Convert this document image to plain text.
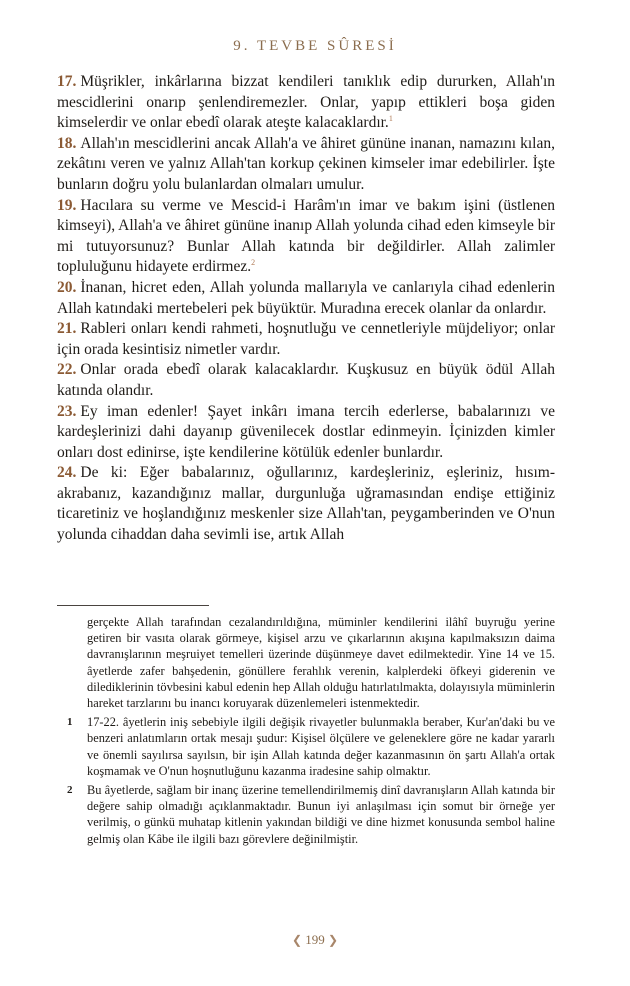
9. TEVBE SÛRESİ

17. Müşrikler, inkârlarına bizzat kendileri tanıklık edip dururken, Allah'ın mescidlerini onarıp şenlendiremezler. Onlar, yapıp ettikleri boşa giden kimselerdir ve onlar ebedî olarak ateşte kalacaklardır.$^1$

18. Allah'ın mescidlerini ancak Allah'a ve âhiret gününe inanan, namazını kılan, zekâtını veren ve yalnız Allah'tan korkup çekinen kimseler imar edebilirler. İşte bunların doğru yolu bulanlardan olmaları umulur.

19. Hacılara su verme ve Mescid-i Harâm'ın imar ve bakım işini (üstlenen kimseyi), Allah'a ve âhiret gününe inanıp Allah yolunda cihad eden kimseyle bir mi tutuyorsunuz? Bunlar Allah katında bir değildirler. Allah zalimler topluluğunu hidayete erdirmez.$^2$

20. İnanan, hicret eden, Allah yolunda mallarıyla ve canlarıyla cihad edenlerin Allah katındaki mertebeleri pek büyüktür. Muradına erecek olanlar da onlardır.

21. Rableri onları kendi rahmeti, hoşnutluğu ve cennetleriyle müjdeliyor; onlar için orada kesintisiz nimetler vardır.

22. Onlar orada ebedî olarak kalacaklardır. Kuşkusuz en büyük ödül Allah katında olandır.

23. Ey iman edenler! Şayet inkârı imana tercih ederlerse, babalarınızı ve kardeşlerinizi dahi dayanıp güvenilecek dostlar edinmeyin. İçinizden kimler onları dost edinirse, işte kendilerine kötülük edenler bunlardır.

24. De ki: Eğer babalarınız, oğullarınız, kardeşleriniz, eşleriniz, hısım-akrabanız, kazandığınız mallar, durgunluğa uğramasından endişe ettiğiniz ticaretiniz ve hoşlandığınız meskenler size Allah'tan, peygamberinden ve O'nun yolunda cihaddan daha sevimli ise, artık Allah

gerçekte Allah tarafından cezalandırıldığına, müminler kendilerini ilâhî buyruğu yerine getiren bir vasıta olarak görmeye, kişisel arzu ve çıkarlarının akışına kapılmaksızın daima davranışlarının meşruiyet temelleri üzerinde düşünmeye davet edilmektedir. Yine 14 ve 15. âyetlerde zafer bahşedenin, gönüllere ferahlık verenin, kalplerdeki öfkeyi giderenin ve dilediklerinin tövbesini kabul edenin hep Allah olduğu hatırlatılmakta, dolayısıyla müminlerin hareket tarzlarını bu inancı koruyarak düzenlemeleri istenmektedir.

1 17-22. âyetlerin iniş sebebiyle ilgili değişik rivayetler bulunmakla beraber, Kur'an'daki bu ve benzeri anlatımların ortak mesajı şudur: Kişisel ölçülere ve geleneklere göre ne kadar yararlı ve önemli sayılırsa sayılsın, bir işin Allah katında değer kazanmasının ön şartı Allah'a ortak koşmamak ve O'nun hoşnutluğunu kazanma iradesine sahip olmaktır.

2 Bu âyetlerde, sağlam bir inanç üzerine temellendirilmemiş dinî davranışların Allah katında bir değere sahip olmadığı açıklanmaktadır. Bunun iyi anlaşılması için somut bir örneğe yer verilmiş, o günkü muhatap kitlenin yakından bildiği ve dine hizmet konusunda sembol haline gelmiş olan Kâbe ile ilgili bazı görevlere değinilmiştir.

❮ 199 ❯
